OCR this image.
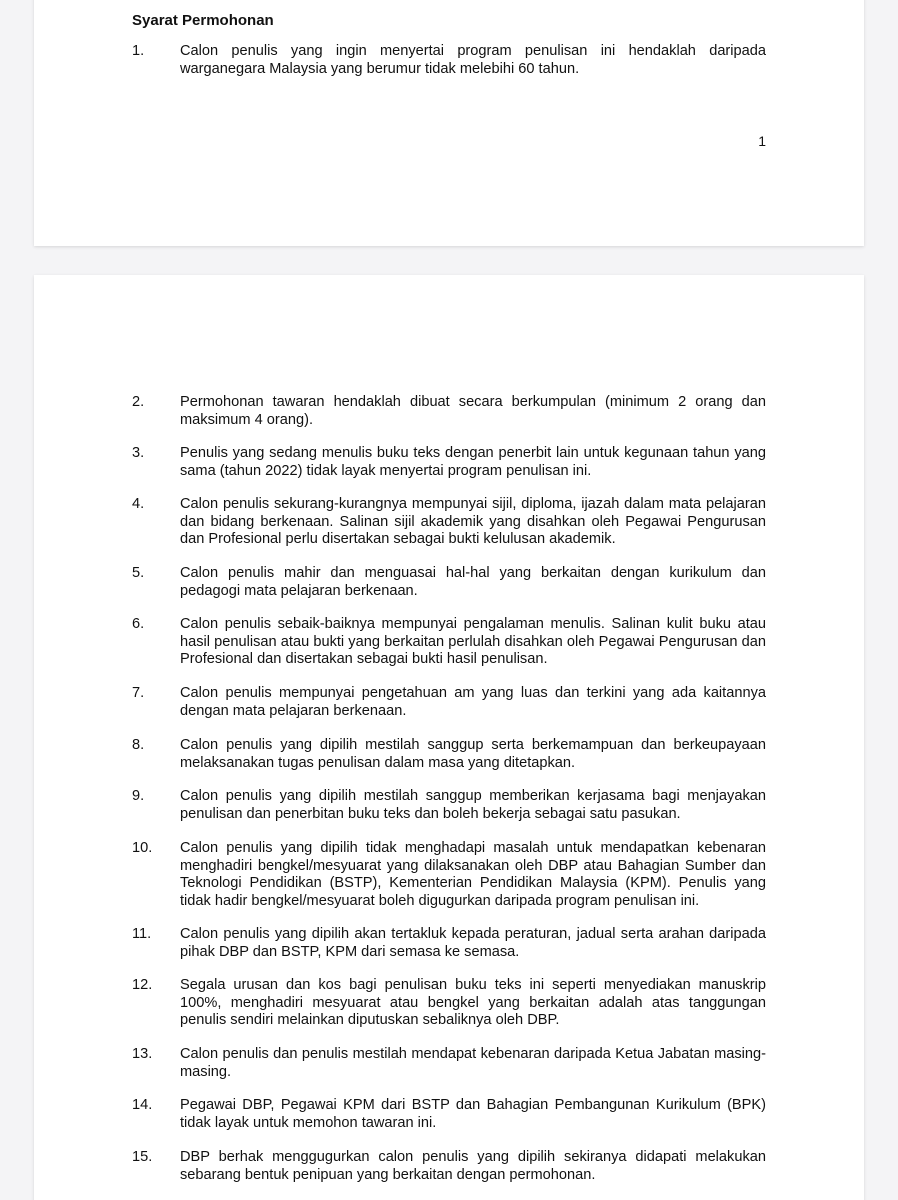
Syarat Permohonan
1.	Calon penulis yang ingin menyertai program penulisan ini hendaklah daripada warganegara Malaysia yang berumur tidak melebihi 60 tahun.
1
2.	Permohonan tawaran hendaklah dibuat secara berkumpulan (minimum 2 orang dan maksimum 4 orang).
3.	Penulis yang sedang menulis buku teks dengan penerbit lain untuk kegunaan tahun yang sama (tahun 2022) tidak layak menyertai program penulisan ini.
4.	Calon penulis sekurang-kurangnya mempunyai sijil, diploma, ijazah dalam mata pelajaran dan bidang berkenaan. Salinan sijil akademik yang disahkan oleh Pegawai Pengurusan dan Profesional perlu disertakan sebagai bukti kelulusan akademik.
5.	Calon penulis mahir dan menguasai hal-hal yang berkaitan dengan kurikulum dan pedagogi mata pelajaran berkenaan.
6.	Calon penulis sebaik-baiknya mempunyai pengalaman menulis. Salinan kulit buku atau hasil penulisan atau bukti yang berkaitan perlulah disahkan oleh Pegawai Pengurusan dan Profesional dan disertakan sebagai bukti hasil penulisan.
7.	Calon penulis mempunyai pengetahuan am yang luas dan terkini yang ada kaitannya dengan mata pelajaran berkenaan.
8.	Calon penulis yang dipilih mestilah sanggup serta berkemampuan dan berkeupayaan melaksanakan tugas penulisan dalam masa yang ditetapkan.
9.	Calon penulis yang dipilih mestilah sanggup memberikan kerjasama bagi menjayakan penulisan dan penerbitan buku teks dan boleh bekerja sebagai satu pasukan.
10.	Calon penulis yang dipilih tidak menghadapi masalah untuk mendapatkan kebenaran menghadiri bengkel/mesyuarat yang dilaksanakan oleh DBP atau Bahagian Sumber dan Teknologi Pendidikan (BSTP), Kementerian Pendidikan Malaysia (KPM). Penulis yang tidak hadir bengkel/mesyuarat boleh digugurkan daripada program penulisan ini.
11.	Calon penulis yang dipilih akan tertakluk kepada peraturan, jadual serta arahan daripada pihak DBP dan BSTP, KPM dari semasa ke semasa.
12.	Segala urusan dan kos bagi penulisan buku teks ini seperti menyediakan manuskrip 100%, menghadiri mesyuarat atau bengkel yang berkaitan adalah atas tanggungan penulis sendiri melainkan diputuskan sebaliknya oleh DBP.
13.	Calon penulis dan penulis mestilah mendapat kebenaran daripada Ketua Jabatan masing-masing.
14.	Pegawai DBP, Pegawai KPM dari BSTP dan Bahagian Pembangunan Kurikulum (BPK) tidak layak untuk memohon tawaran ini.
15.	DBP berhak menggugurkan calon penulis yang dipilih sekiranya didapati melakukan sebarang bentuk penipuan yang berkaitan dengan permohonan.
